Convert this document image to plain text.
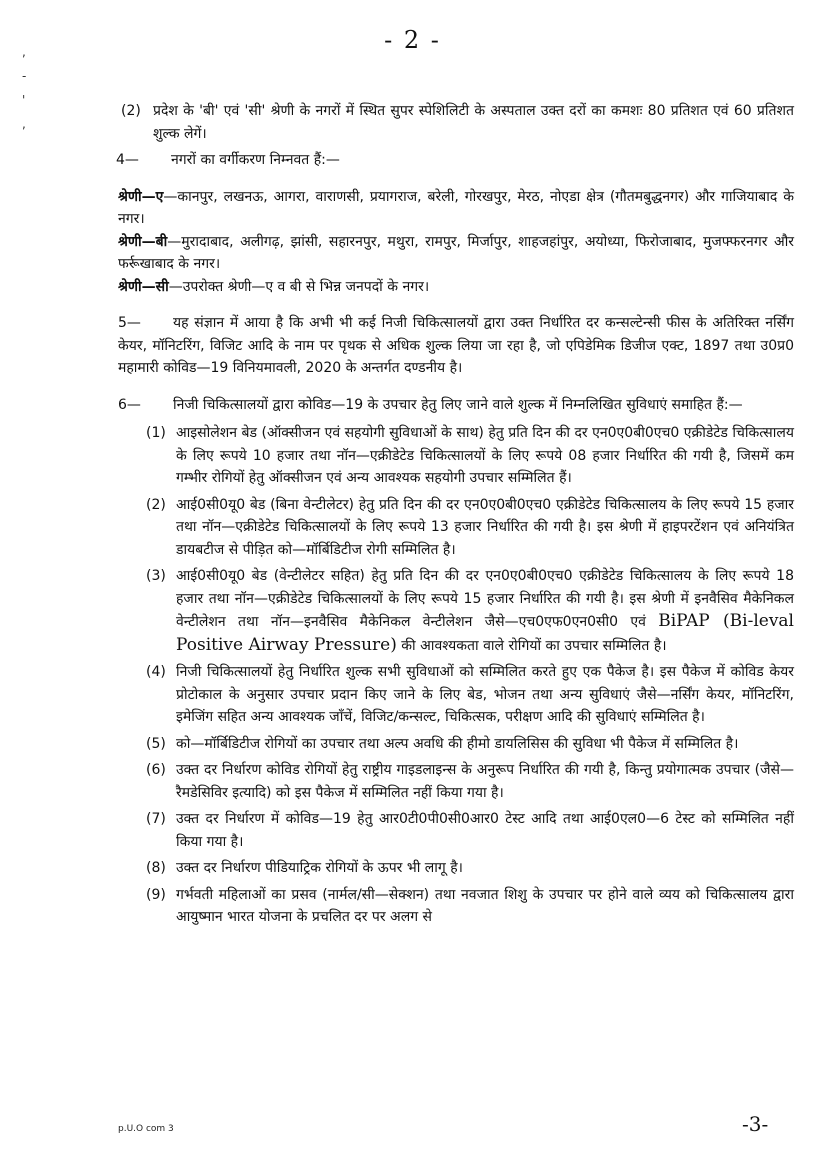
- 2 -
,
-
'
,

(2) प्रदेश के 'बी' एवं 'सी' श्रेणी के नगरों में स्थित सुपर स्पेशिलिटी के अस्पताल उक्त दरों का कमशः 80 प्रतिशत एवं 60 प्रतिशत शुल्क लेगें।

4— नगरों का वर्गीकरण निम्नवत हैं:—

श्रेणी—ए—कानपुर, लखनऊ, आगरा, वाराणसी, प्रयागराज, बरेली, गोरखपुर, मेरठ, नोएडा क्षेत्र (गौतमबुद्धनगर) और गाजियाबाद के नगर।

श्रेणी—बी—मुरादाबाद, अलीगढ़, झांसी, सहारनपुर, मथुरा, रामपुर, मिर्जापुर, शाहजहांपुर, अयोध्या, फिरोजाबाद, मुजफ्फरनगर और फर्रूखाबाद के नगर।

श्रेणी—सी—उपरोक्त श्रेणी—ए व बी से भिन्न जनपदों के नगर।

5— यह संज्ञान में आया है कि अभी भी कई निजी चिकित्सालयों द्वारा उक्त निर्धारित दर कन्सल्टेन्सी फीस के अतिरिक्त नर्सिंग केयर, मॉनिटरिंग, विजिट आदि के नाम पर पृथक से अधिक शुल्क लिया जा रहा है, जो एपिडेमिक डिजीज एक्ट, 1897 तथा उ0प्र0 महामारी कोविड—19 विनियमावली, 2020 के अन्तर्गत दण्डनीय है।

6— निजी चिकित्सालयों द्वारा कोविड—19 के उपचार हेतु लिए जाने वाले शुल्क में निम्नलिखित सुविधाएं समाहित हैं:—

(1) आइसोलेशन बेड (ऑक्सीजन एवं सहयोगी सुविधाओं के साथ) हेतु प्रति दिन की दर एन0ए0बी0एच0 एक्रीडेटेड चिकित्सालय के लिए रूपये 10 हजार तथा नॉन—एक्रीडेटेड चिकित्सालयों के लिए रूपये 08 हजार निर्धारित की गयी है, जिसमें कम गम्भीर रोगियों हेतु ऑक्सीजन एवं अन्य आवश्यक सहयोगी उपचार सम्मिलित हैं।
(2) आई0सी0यू0 बेड (बिना वेन्टीलेटर) हेतु प्रति दिन की दर एन0ए0बी0एच0 एक्रीडेटेड चिकित्सालय के लिए रूपये 15 हजार तथा नॉन—एक्रीडेटेड चिकित्सालयों के लिए रूपये 13 हजार निर्धारित की गयी है। इस श्रेणी में हाइपरटेंशन एवं अनियंत्रित डायबटीज से पीड़ित को—मॉर्बिडिटीज रोगी सम्मिलित है।
(3) आई0सी0यू0 बेड (वेन्टीलेटर सहित) हेतु प्रति दिन की दर एन0ए0बी0एच0 एक्रीडेटेड चिकित्सालय के लिए रूपये 18 हजार तथा नॉन—एक्रीडेटेड चिकित्सालयों के लिए रूपये 15 हजार निर्धारित की गयी है। इस श्रेणी में इनवैसिव मैकेनिकल वेन्टीलेशन तथा नॉन—इनवैसिव मैकेनिकल वेन्टीलेशन जैसे—एच0एफ0एन0सी0 एवं BiPAP (Bi-leval Positive Airway Pressure) की आवश्यकता वाले रोगियों का उपचार सम्मिलित है।
(4) निजी चिकित्सालयों हेतु निर्धारित शुल्क सभी सुविधाओं को सम्मिलित करते हुए एक पैकेज है। इस पैकेज में कोविड केयर प्रोटोकाल के अनुसार उपचार प्रदान किए जाने के लिए बेड, भोजन तथा अन्य सुविधाएं जैसे—नर्सिंग केयर, मॉनिटरिंग, इमेजिंग सहित अन्य आवश्यक जाँचें, विजिट/कन्सल्ट, चिकित्सक, परीक्षण आदि की सुविधाएं सम्मिलित है।
(5) को—मॉर्बिडिटीज रोगियों का उपचार तथा अल्प अवधि की हीमो डायलिसिस की सुविधा भी पैकेज में सम्मिलित है।
(6) उक्त दर निर्धारण कोविड रोगियों हेतु राष्ट्रीय गाइडलाइन्स के अनुरूप निर्धारित की गयी है, किन्तु प्रयोगात्मक उपचार (जैसे—रैमडेसिविर इत्यादि) को इस पैकेज में सम्मिलित नहीं किया गया है।
(7) उक्त दर निर्धारण में कोविड—19 हेतु आर0टी0पी0सी0आर0 टेस्ट आदि तथा आई0एल0—6 टेस्ट को सम्मिलित नहीं किया गया है।
(8) उक्त दर निर्धारण पीडियाट्रिक रोगियों के ऊपर भी लागू है।
(9) गर्भवती महिलाओं का प्रसव (नार्मल/सी—सेक्शन) तथा नवजात शिशु के उपचार पर होने वाले व्यय को चिकित्सालय द्वारा आयुष्मान भारत योजना के प्रचलित दर पर अलग से
p.U.O com 3	-3-
